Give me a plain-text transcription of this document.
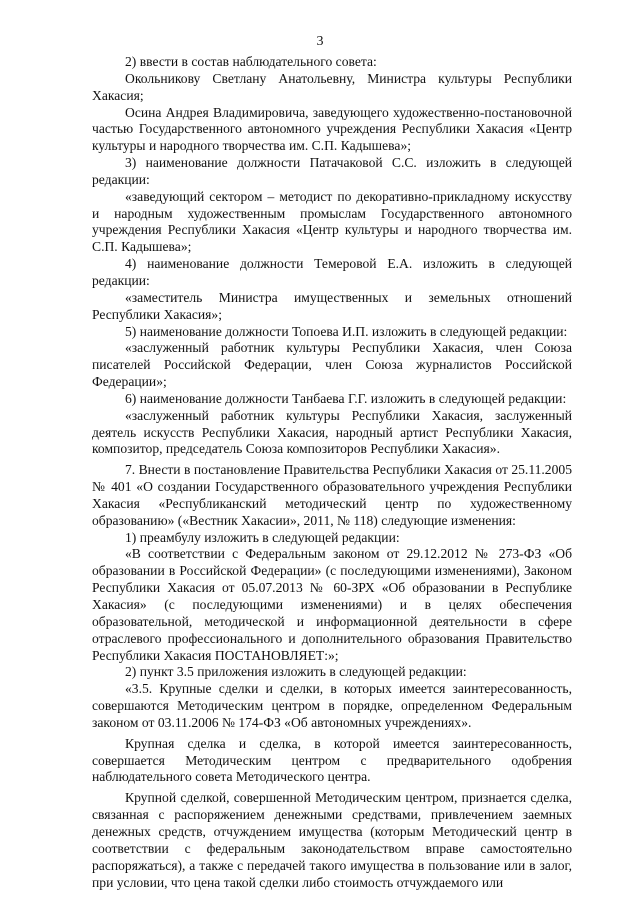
3

2) ввести в состав наблюдательного совета:

Окольникову Светлану Анатольевну, Министра культуры Республики Хакасия;

Осина Андрея Владимировича, заведующего художественно-постановочной частью Государственного автономного учреждения Республики Хакасия «Центр культуры и народного творчества им. С.П. Кадышева»;

3) наименование должности Патачаковой С.С. изложить в следующей редакции:

«заведующий сектором – методист по декоративно-прикладному искусству и народным художественным промыслам Государственного автономного учреждения Республики Хакасия «Центр культуры и народного творчества им. С.П. Кадышева»;

4) наименование должности Темеровой Е.А. изложить в следующей редакции:

«заместитель Министра имущественных и земельных отношений Республики Хакасия»;

5) наименование должности Топоева И.П. изложить в следующей редакции:

«заслуженный работник культуры Республики Хакасия, член Союза писателей Российской Федерации, член Союза журналистов Российской Федерации»;

6) наименование должности Танбаева Г.Г. изложить в следующей редакции:

«заслуженный работник культуры Республики Хакасия, заслуженный деятель искусств Республики Хакасия, народный артист Республики Хакасия, композитор, председатель Союза композиторов Республики Хакасия».

7. Внести в постановление Правительства Республики Хакасия от 25.11.2005 № 401 «О создании Государственного образовательного учреждения Республики Хакасия «Республиканский методический центр по художественному образованию» («Вестник Хакасии», 2011, № 118) следующие изменения:

1) преамбулу изложить в следующей редакции:

«В соответствии с Федеральным законом от 29.12.2012 № 273-ФЗ «Об образовании в Российской Федерации» (с последующими изменениями), Законом Республики Хакасия от 05.07.2013 № 60-ЗРХ «Об образовании в Республике Хакасия» (с последующими изменениями) и в целях обеспечения образовательной, методической и информационной деятельности в сфере отраслевого профессионального и дополнительного образования Правительство Республики Хакасия ПОСТАНОВЛЯЕТ:»;

2) пункт 3.5 приложения изложить в следующей редакции:

«3.5. Крупные сделки и сделки, в которых имеется заинтересованность, совершаются Методическим центром в порядке, определенном Федеральным законом от 03.11.2006 № 174-ФЗ «Об автономных учреждениях».

Крупная сделка и сделка, в которой имеется заинтересованность, совершается Методическим центром с предварительного одобрения наблюдательного совета Методического центра.

Крупной сделкой, совершенной Методическим центром, признается сделка, связанная с распоряжением денежными средствами, привлечением заемных денежных средств, отчуждением имущества (которым Методический центр в соответствии с федеральным законодательством вправе самостоятельно распоряжаться), а также с передачей такого имущества в пользование или в залог, при условии, что цена такой сделки либо стоимость отчуждаемого или
